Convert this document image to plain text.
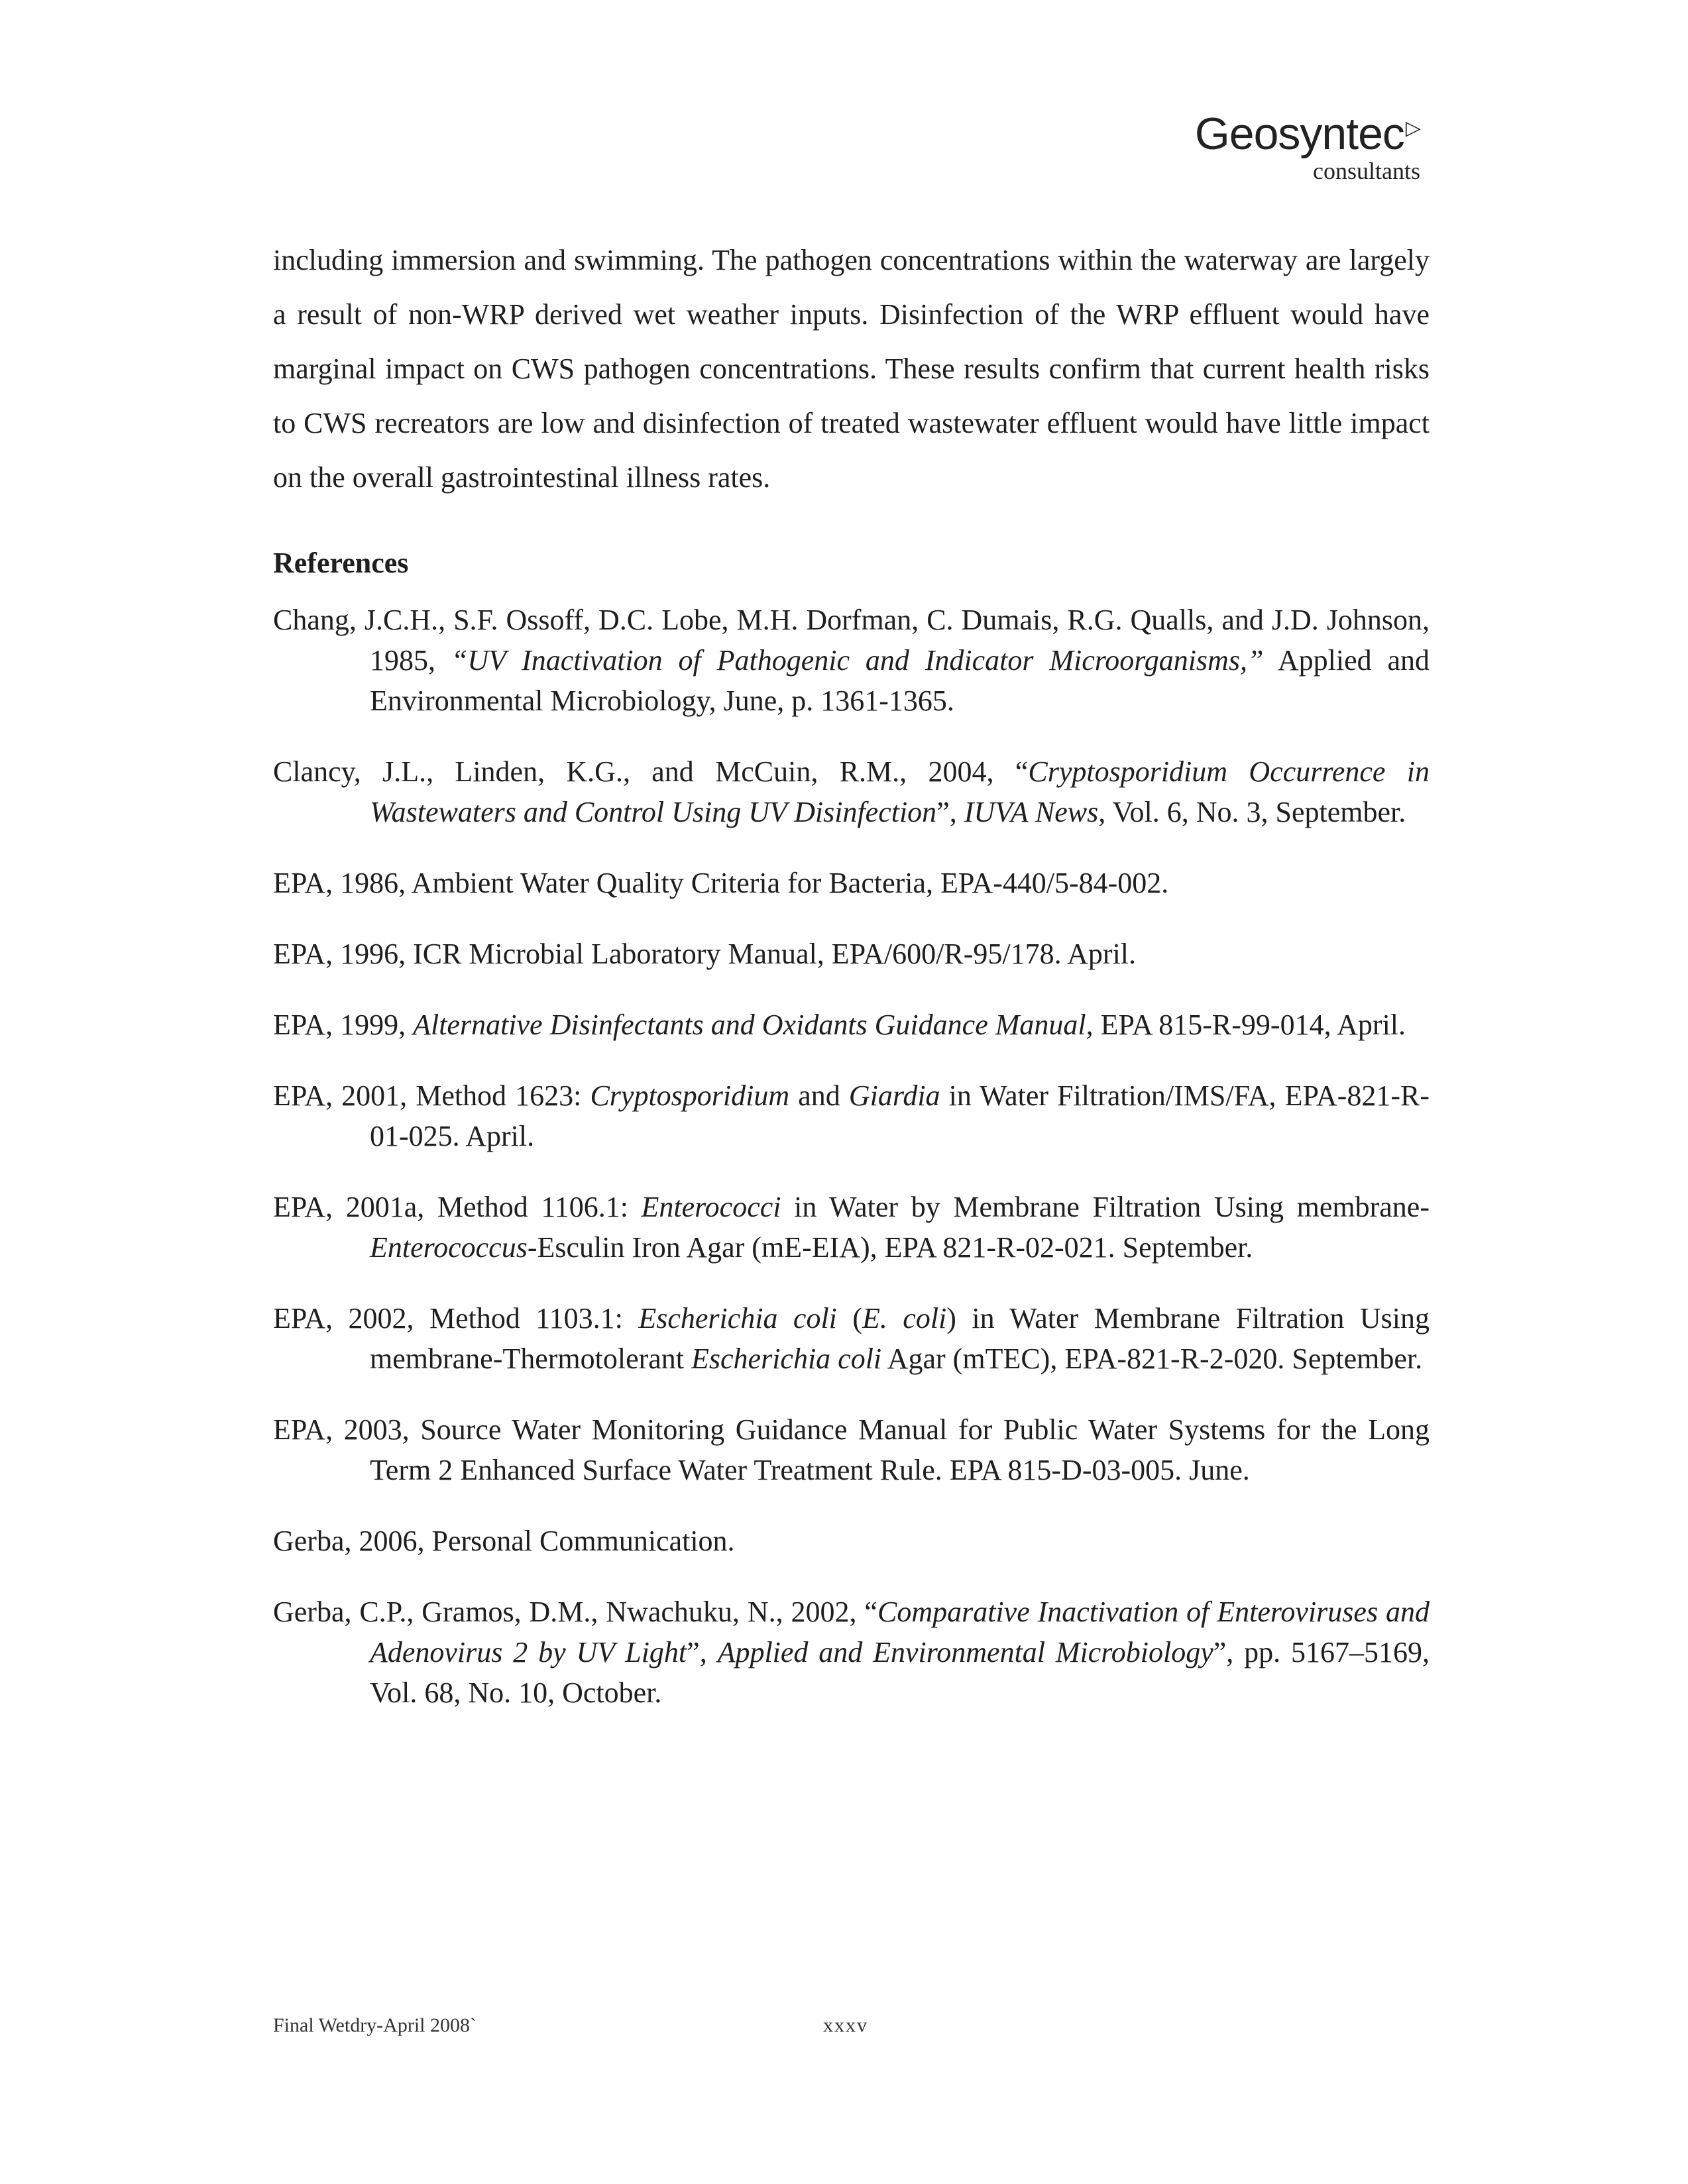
Geosyntec▷
consultants

including immersion and swimming. The pathogen concentrations within the waterway are largely a result of non-WRP derived wet weather inputs. Disinfection of the WRP effluent would have marginal impact on CWS pathogen concentrations. These results confirm that current health risks to CWS recreators are low and disinfection of treated wastewater effluent would have little impact on the overall gastrointestinal illness rates.

References

Chang, J.C.H., S.F. Ossoff, D.C. Lobe, M.H. Dorfman, C. Dumais, R.G. Qualls, and J.D. Johnson, 1985, “UV Inactivation of Pathogenic and Indicator Microorganisms,” Applied and Environmental Microbiology, June, p. 1361-1365.

Clancy, J.L., Linden, K.G., and McCuin, R.M., 2004, “Cryptosporidium Occurrence in Wastewaters and Control Using UV Disinfection”, IUVA News, Vol. 6, No. 3, September.

EPA, 1986, Ambient Water Quality Criteria for Bacteria, EPA-440/5-84-002.

EPA, 1996, ICR Microbial Laboratory Manual, EPA/600/R-95/178. April.

EPA, 1999, Alternative Disinfectants and Oxidants Guidance Manual, EPA 815-R-99-014, April.

EPA, 2001, Method 1623: Cryptosporidium and Giardia in Water Filtration/IMS/FA, EPA-821-R-01-025. April.

EPA, 2001a, Method 1106.1: Enterococci in Water by Membrane Filtration Using membrane-Enterococcus-Esculin Iron Agar (mE-EIA), EPA 821-R-02-021. September.

EPA, 2002, Method 1103.1: Escherichia coli (E. coli) in Water Membrane Filtration Using membrane-Thermotolerant Escherichia coli Agar (mTEC), EPA-821-R-2-020. September.

EPA, 2003, Source Water Monitoring Guidance Manual for Public Water Systems for the Long Term 2 Enhanced Surface Water Treatment Rule. EPA 815-D-03-005. June.

Gerba, 2006, Personal Communication.

Gerba, C.P., Gramos, D.M., Nwachuku, N., 2002, “Comparative Inactivation of Enteroviruses and Adenovirus 2 by UV Light”, Applied and Environmental Microbiology”, pp. 5167–5169, Vol. 68, No. 10, October.

Final Wetdry-April 2008`	xxxv
